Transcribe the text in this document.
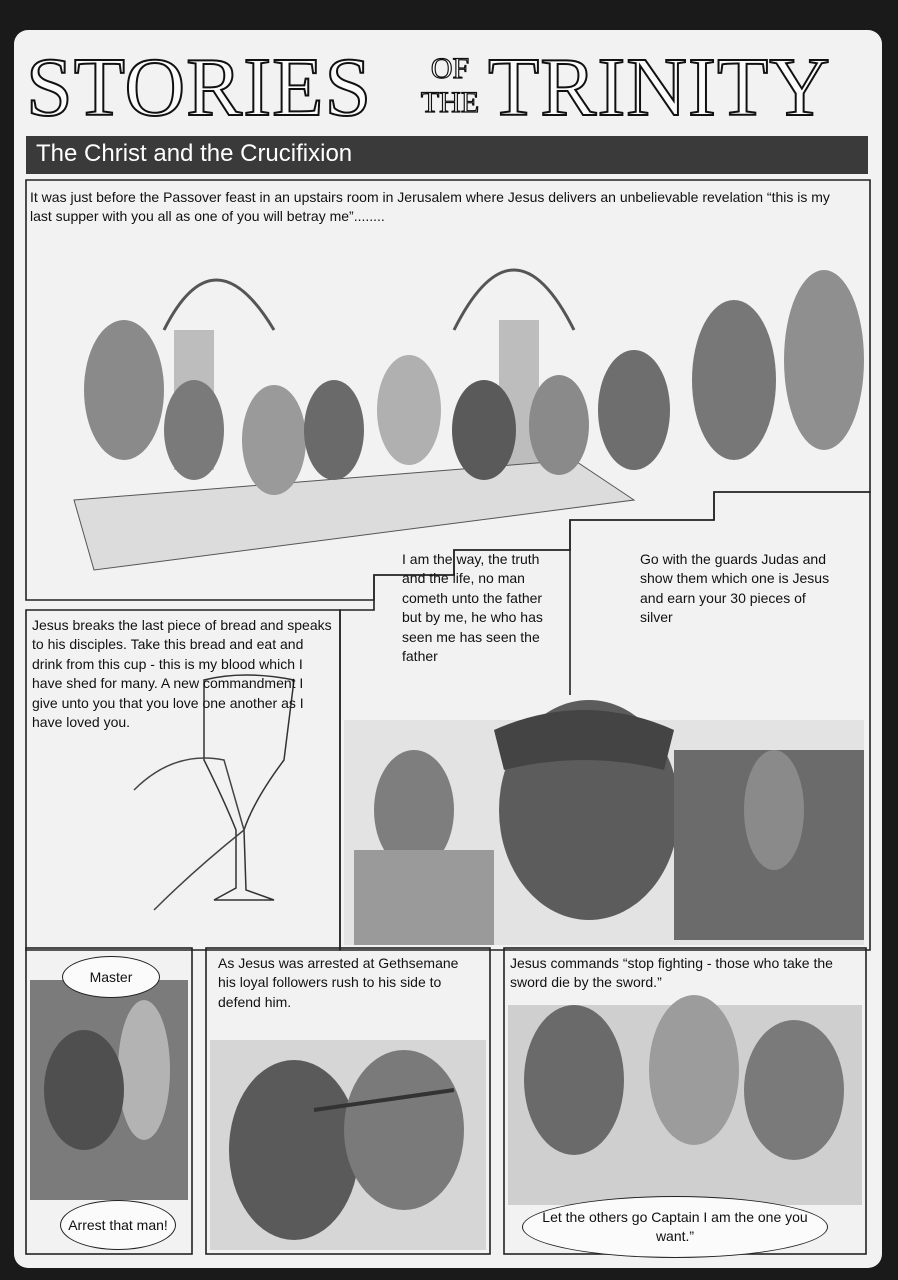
STORIES	OF
THE TRINITY
The Christ and the Crucifixion
It was just before the Passover feast in an upstairs room in Jerusalem where Jesus delivers an unbelievable revelation “this is my last supper with you all as one of you will betray me”........
Jesus breaks the last piece of bread and speaks to his disciples. Take this bread and eat and drink from this cup - this is my blood which I have shed for many. A new commandment I give unto you that you love one another as I have loved you.
I am the way, the truth and the life, no man cometh unto the father but by me, he who has seen me has seen the father
Go with the guards Judas and show them which one is Jesus and earn your 30 pieces of silver
Master
Arrest that man!
As Jesus was arrested at Gethsemane his loyal followers rush to his side to defend him.
Jesus commands “stop fighting - those who take the sword die by the sword.”
Let the others go Captain I am the one you want.”
